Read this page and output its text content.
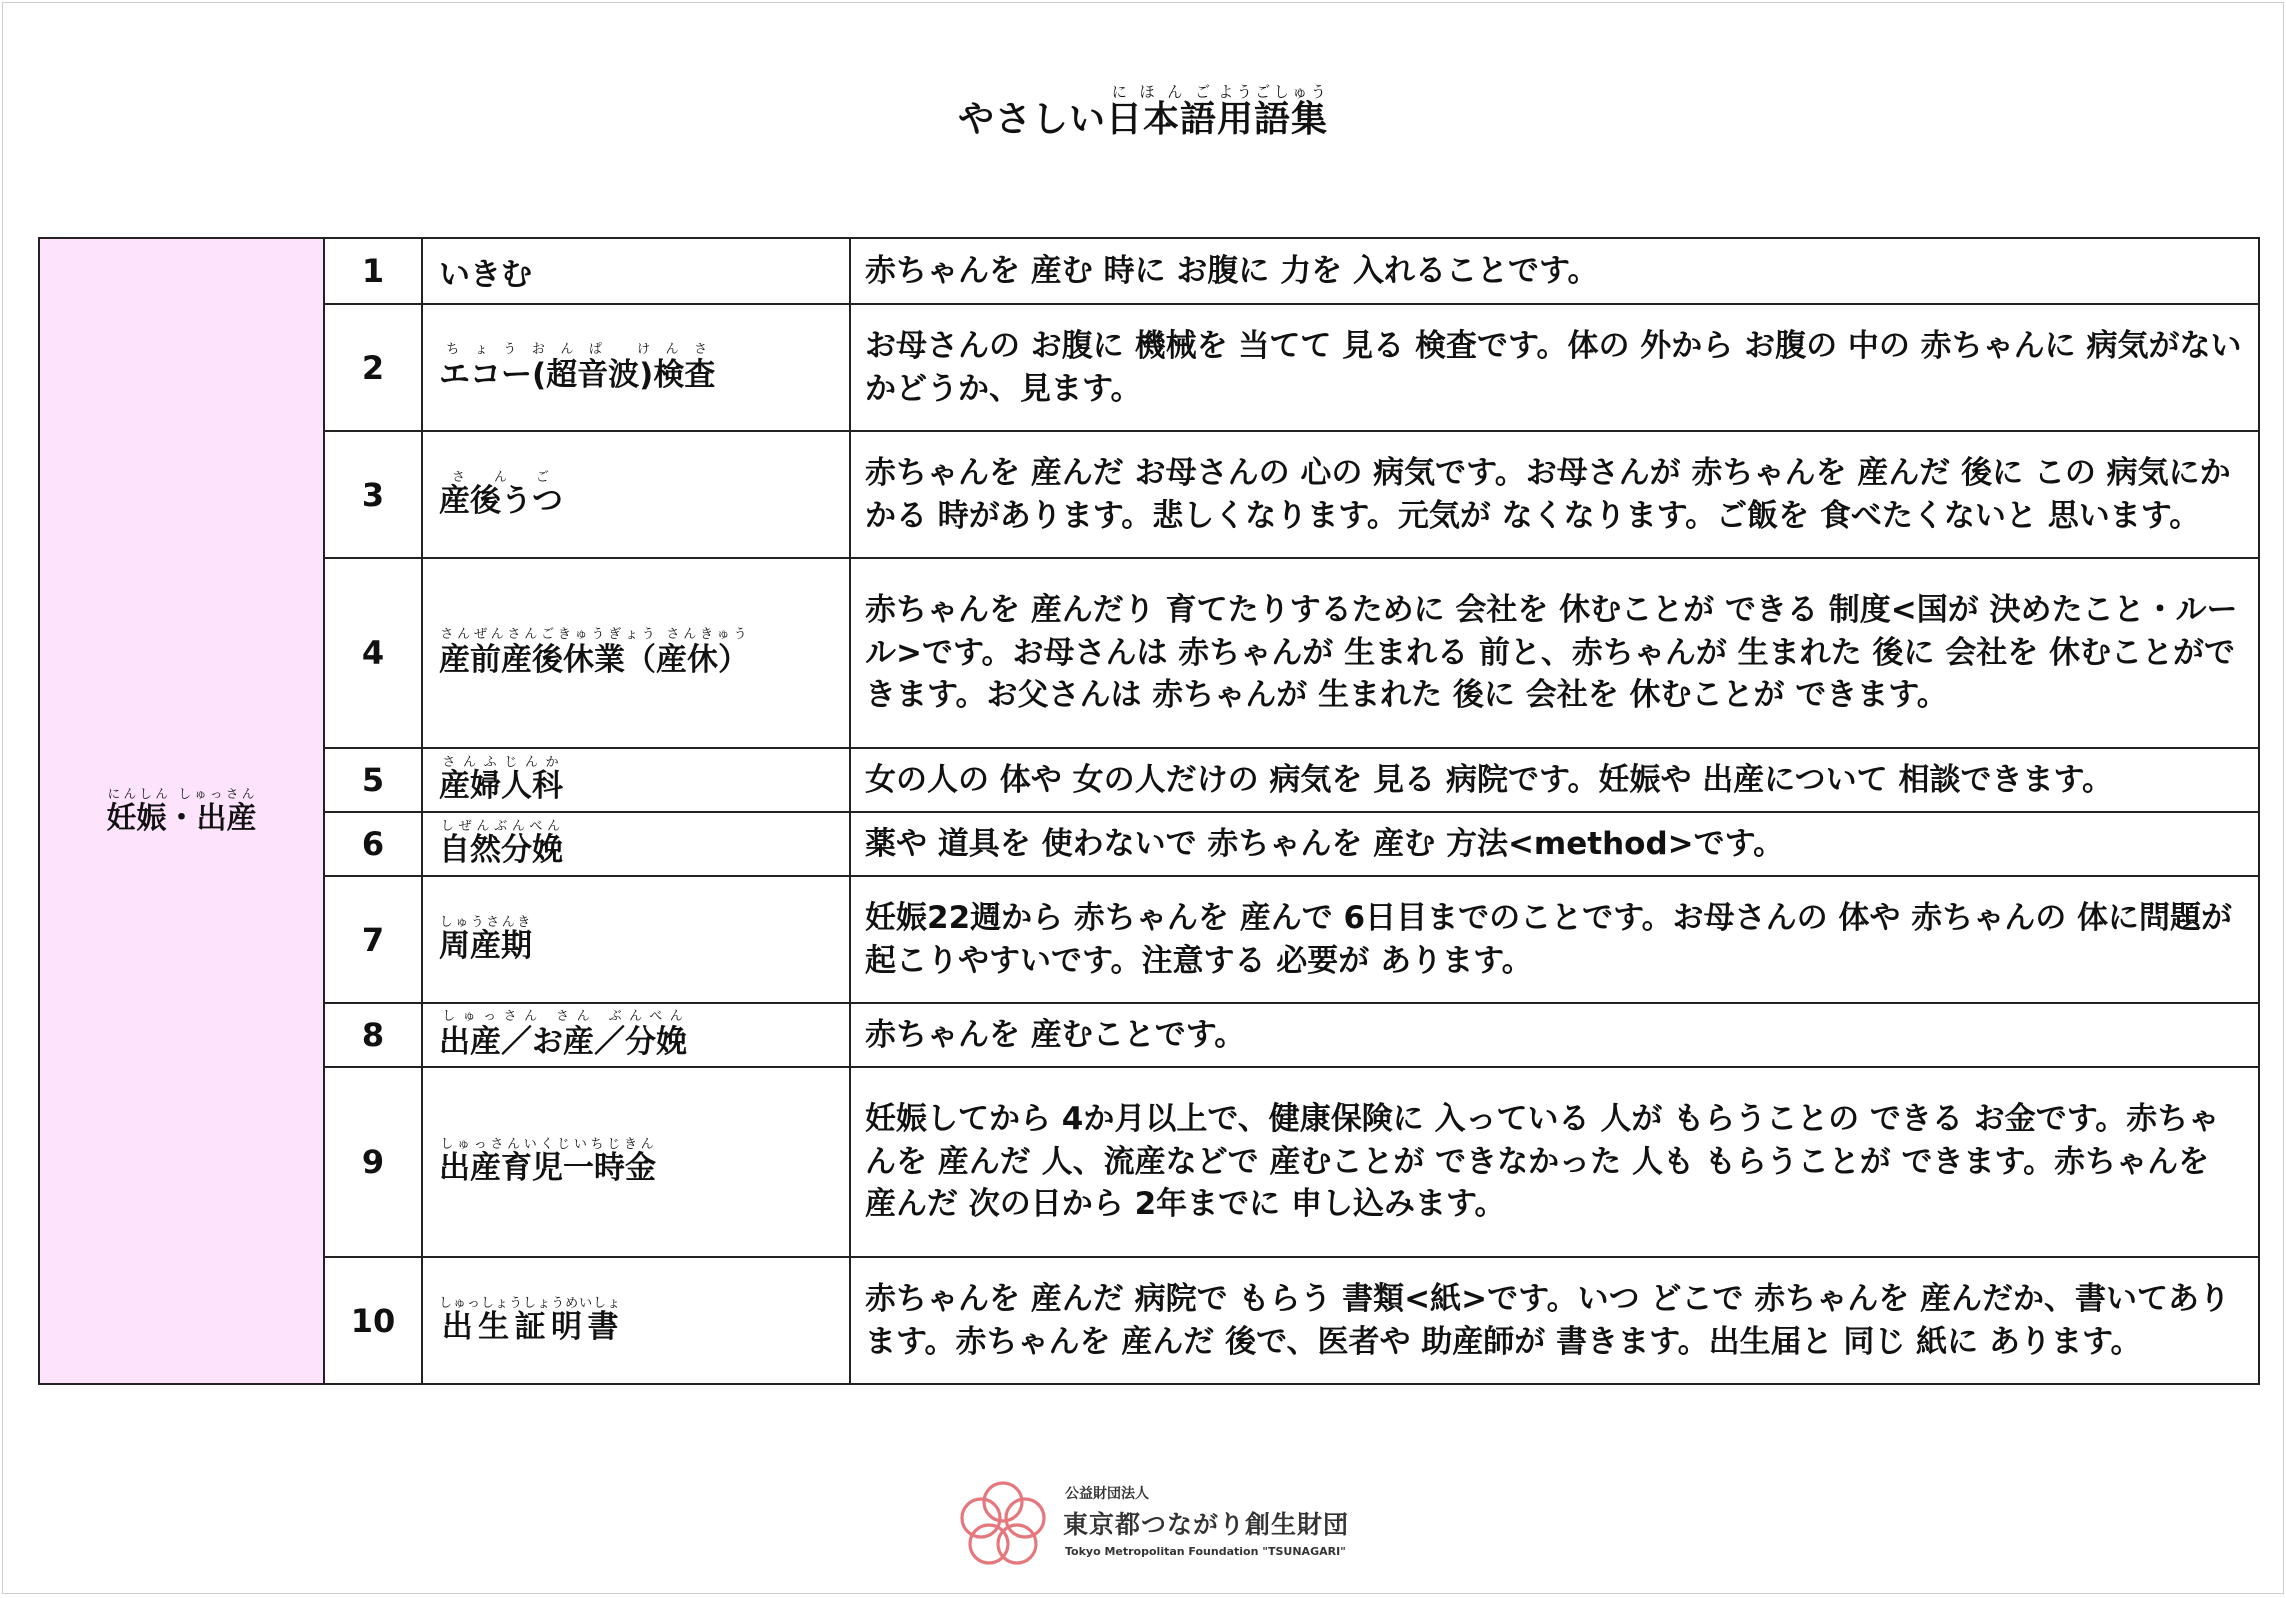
やさしい日本語にほんご用語集ようごしゅう
妊娠・出産にんしん しゅっさん	1	いきむ	赤ちゃんを 産む 時に お腹に 力を 入れることです。
	2	エコー(超音波)検査ちょうおんぱ けんさ	お母さんの お腹に 機械を 当てて 見る 検査です。体の 外から お腹の 中の 赤ちゃんに 病気がないかどうか、見ます。
	3	産後うつさんご	赤ちゃんを 産んだ お母さんの 心の 病気です。お母さんが 赤ちゃんを 産んだ 後に この 病気にかかる 時があります。悲しくなります。元気が なくなります。ご飯を 食べたくないと 思います。
	4	産前産後休業（産休）さんぜんさんごきゅうぎょう さんきゅう	赤ちゃんを 産んだり 育てたりするために 会社を 休むことが できる 制度<国が 決めたこと・ルール>です。お母さんは 赤ちゃんが 生まれる 前と、赤ちゃんが 生まれた 後に 会社を 休むことができます。お父さんは 赤ちゃんが 生まれた 後に 会社を 休むことが できます。
	5	産婦人科さんふじんか	女の人の 体や 女の人だけの 病気を 見る 病院です。妊娠や 出産について 相談できます。
	6	自然分娩しぜんぶんべん	薬や 道具を 使わないで 赤ちゃんを 産む 方法<method>です。
	7	周産期しゅうさんき	妊娠22週から 赤ちゃんを 産んで 6日目までのことです。お母さんの 体や 赤ちゃんの 体に問題が 起こりやすいです。注意する 必要が あります。
	8	出産／お産／分娩しゅっさん さん ぶんべん	赤ちゃんを 産むことです。
	9	出産育児一時金しゅっさんいくじいちじきん	妊娠してから 4か月以上で、健康保険に 入っている 人が もらうことの できる お金です。赤ちゃんを 産んだ 人、流産などで 産むことが できなかった 人も もらうことが できます。赤ちゃんを 産んだ 次の日から 2年までに 申し込みます。
	10	出生証明書しゅっしょうしょうめいしょ	赤ちゃんを 産んだ 病院で もらう 書類<紙>です。いつ どこで 赤ちゃんを 産んだか、書いてあります。赤ちゃんを 産んだ 後で、医者や 助産師が 書きます。出生届と 同じ 紙に あります。
公益財団法人
東京都つながり創生財団
Tokyo Metropolitan Foundation "TSUNAGARI"
